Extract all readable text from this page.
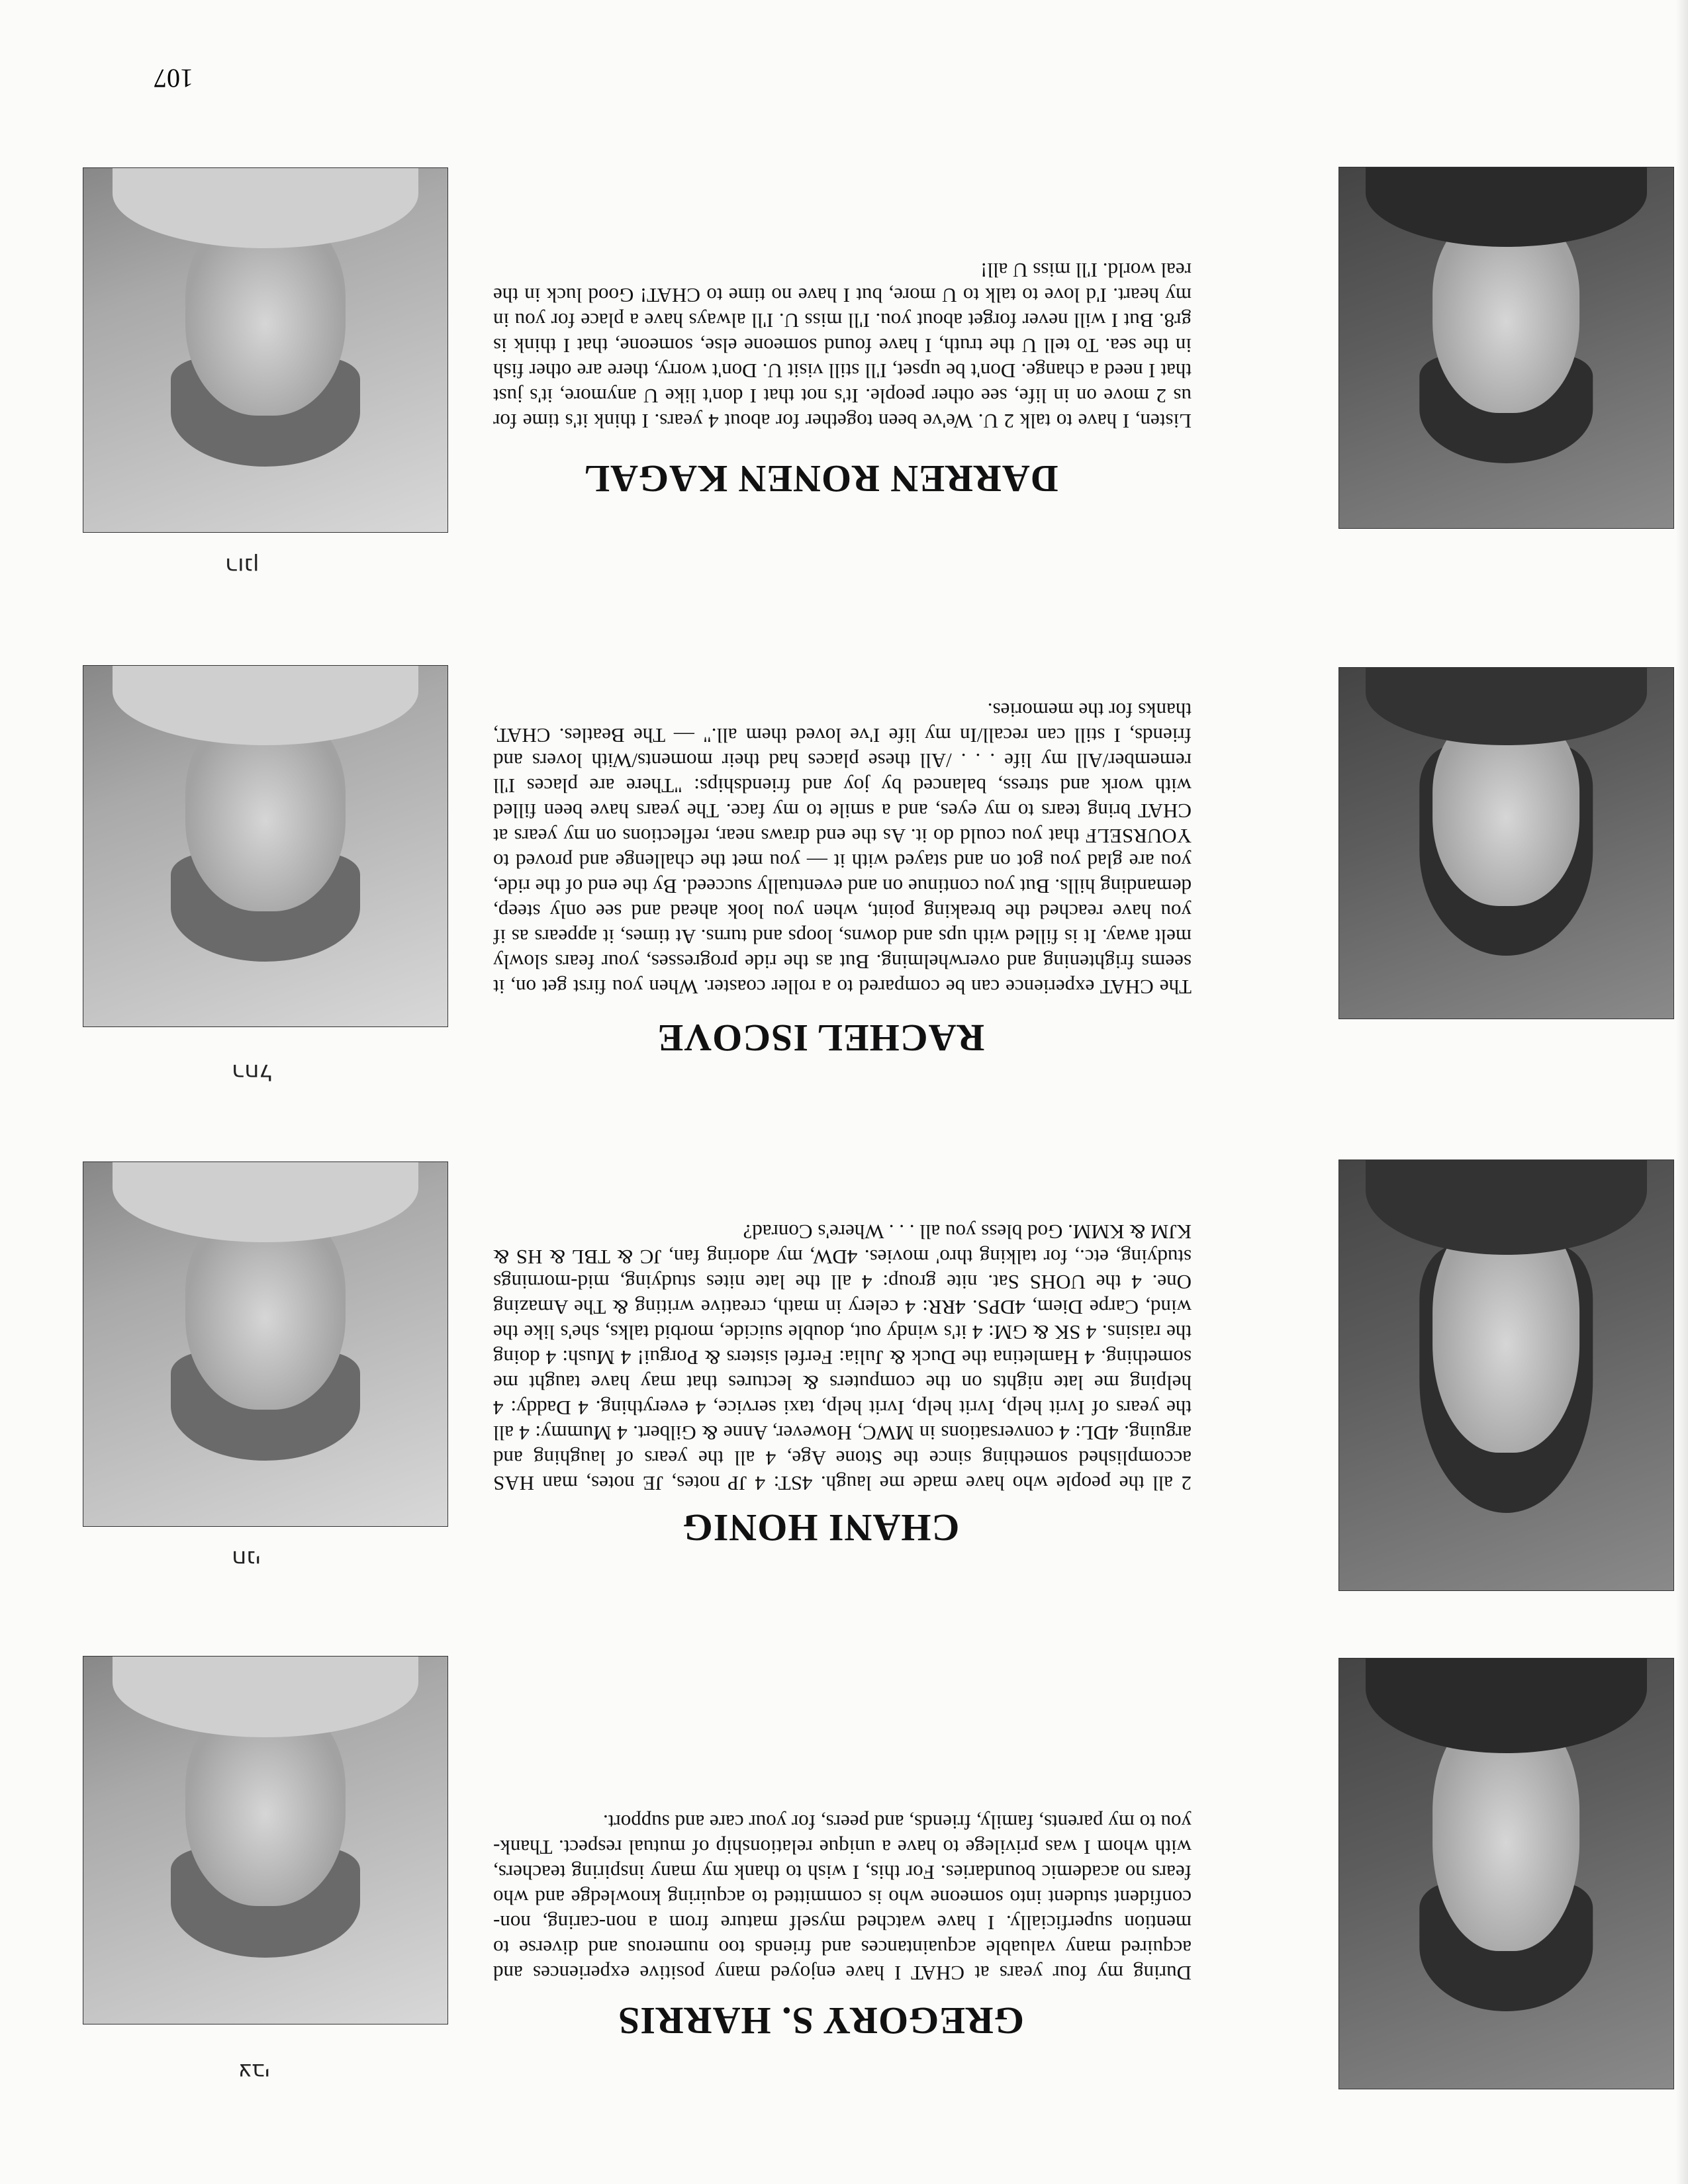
107
רונן
רחל
חני
צבי
DARREN RONEN KAGAL
RACHEL ISCOVE
CHANI HONIG
GREGORY S. HARRIS

Listen, I have to talk 2 U. We've been together for about 4 years. I think it's time for us 2 move on in life, see other people. It's not that I don't like U anymore, it's just that I need a change. Don't be upset, I'll still visit U. Don't worry, there are other fish in the sea. To tell U the truth, I have found someone else, someone, that I think is gr8. But I will never forget about you. I'll miss U. I'll always have a place for you in my heart. I'd love to talk to U more, but I have no time to CHAT! Good luck in the real world. I'll miss U all!

The CHAT experience can be compared to a roller coaster. When you first get on, it seems frightening and overwhelming. But as the ride progresses, your fears slowly melt away. It is filled with ups and downs, loops and turns. At times, it appears as if you have reached the breaking point, when you look ahead and see only steep, demanding hills. But you continue on and eventually succeed. By the end of the ride, you are glad you got on and stayed with it — you met the challenge and proved to YOURSELF that you could do it. As the end draws near, reflections on my years at CHAT bring tears to my eyes, and a smile to my face. The years have been filled with work and stress, balanced by joy and friendships: "There are places I'll remember/All my life . . . /All these places had their moments/With lovers and friends, I still can recall/In my life I've loved them all." — The Beatles. CHAT, thanks for the memories.

2 all the people who have made me laugh. 4ST: 4 JP notes, JE notes, man HAS accomplished something since the Stone Age, 4 all the years of laughing and arguing. 4DL: 4 conversations in MWC, However, Anne & Gilbert. 4 Mummy: 4 all the years of Ivrit help, Ivrit help, Ivrit help, taxi service, 4 everything. 4 Daddy: 4 helping me late nights on the computers & lectures that may have taught me something. 4 Hamletina the Duck & Julia: Ferfel sisters & Porgui! 4 Mush: 4 doing the raisins. 4 SK & GM: 4 it's windy out, double suicide, morbid talks, she's like the wind, Carpe Diem, 4DPS. 4RR: 4 celery in math, creative writing & The Amazing One. 4 the UOHS Sat. nite group: 4 all the late nites studying, mid-mornings studying, etc., for talking thro' movies. 4DW, my adoring fan, JC & TBL & HS & KJM & KMM. God bless you all . . . Where's Conrad?

During my four years at CHAT I have enjoyed many positive experiences and acquired many valuable acquaintances and friends too numerous and diverse to mention superficially. I have watched myself mature from a non-caring, non-confident student into someone who is committed to acquiring knowledge and who fears no academic boundaries. For this, I wish to thank my many inspiring teachers, with whom I was privilege to have a unique relationship of mutual respect. Thank-you to my parents, family, friends, and peers, for your care and support.
